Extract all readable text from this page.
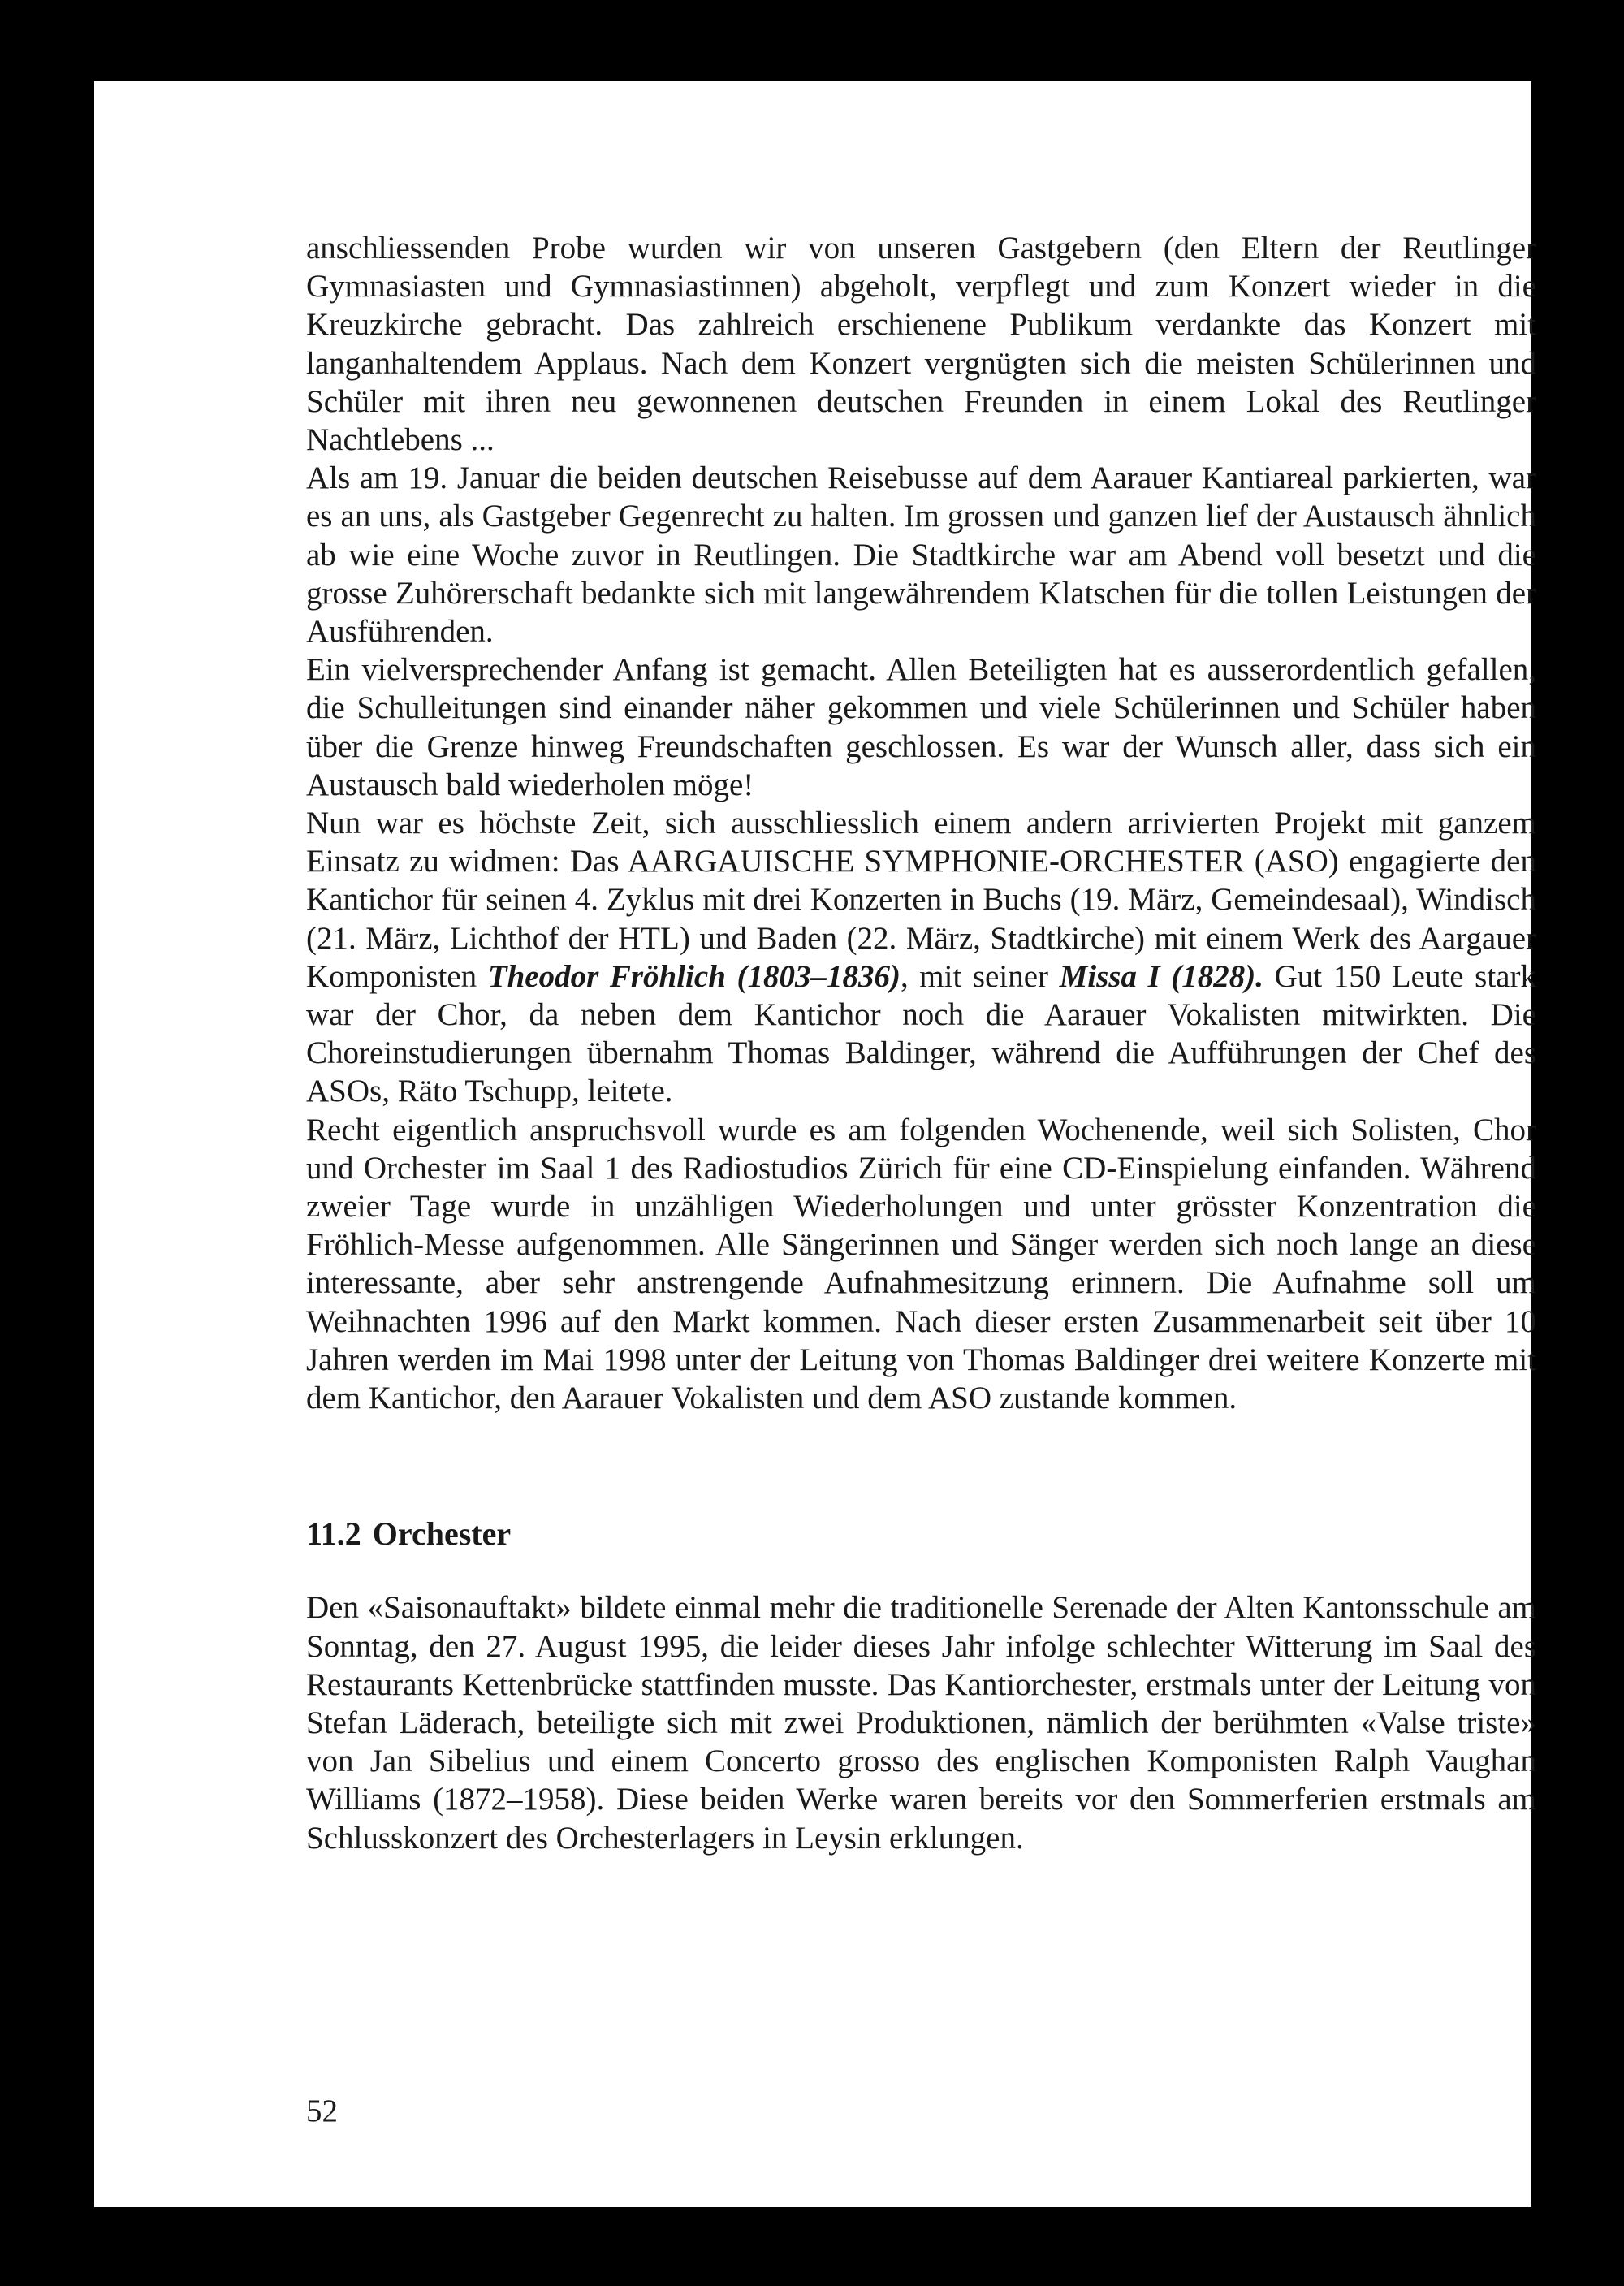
anschliessenden Probe wurden wir von unseren Gastgebern (den Eltern der Reutlinger Gymnasiasten und Gymnasiastinnen) abgeholt, verpflegt und zum Konzert wieder in die Kreuzkirche gebracht. Das zahlreich erschienene Publikum verdankte das Konzert mit langanhaltendem Applaus. Nach dem Konzert vergnügten sich die meisten Schülerinnen und Schüler mit ihren neu gewonnenen deutschen Freunden in einem Lokal des Reutlinger Nachtlebens ...

Als am 19. Januar die beiden deutschen Reisebusse auf dem Aarauer Kantiareal parkierten, war es an uns, als Gastgeber Gegenrecht zu halten. Im grossen und ganzen lief der Austausch ähnlich ab wie eine Woche zuvor in Reutlingen. Die Stadtkirche war am Abend voll besetzt und die grosse Zuhörerschaft bedankte sich mit langewährendem Klatschen für die tollen Leistungen der Ausführenden.

Ein vielversprechender Anfang ist gemacht. Allen Beteiligten hat es ausserordentlich gefallen, die Schulleitungen sind einander näher gekommen und viele Schülerinnen und Schüler haben über die Grenze hinweg Freundschaften geschlossen. Es war der Wunsch aller, dass sich ein Austausch bald wiederholen möge!

Nun war es höchste Zeit, sich ausschliesslich einem andern arrivierten Projekt mit ganzem Einsatz zu widmen: Das AARGAUISCHE SYMPHONIE-ORCHESTER (ASO) engagierte den Kantichor für seinen 4. Zyklus mit drei Konzerten in Buchs (19. März, Gemeindesaal), Windisch (21. März, Lichthof der HTL) und Baden (22. März, Stadtkirche) mit einem Werk des Aargauer Komponisten Theodor Fröhlich (1803–1836), mit seiner Missa I (1828). Gut 150 Leute stark war der Chor, da neben dem Kantichor noch die Aarauer Vokalisten mitwirkten. Die Choreinstudierungen übernahm Thomas Baldinger, während die Aufführungen der Chef des ASOs, Räto Tschupp, leitete.

Recht eigentlich anspruchsvoll wurde es am folgenden Wochenende, weil sich Solisten, Chor und Orchester im Saal 1 des Radiostudios Zürich für eine CD-Einspielung einfanden. Während zweier Tage wurde in unzähligen Wiederholungen und unter grösster Konzentration die Fröhlich-Messe aufgenommen. Alle Sängerinnen und Sänger werden sich noch lange an diese interessante, aber sehr anstrengende Aufnahmesitzung erinnern. Die Aufnahme soll um Weihnachten 1996 auf den Markt kommen. Nach dieser ersten Zusammenarbeit seit über 10 Jahren werden im Mai 1998 unter der Leitung von Thomas Baldinger drei weitere Konzerte mit dem Kantichor, den Aarauer Vokalisten und dem ASO zustande kommen.

11.2 Orchester

Den «Saisonauftakt» bildete einmal mehr die traditionelle Serenade der Alten Kantonsschule am Sonntag, den 27. August 1995, die leider dieses Jahr infolge schlechter Witterung im Saal des Restaurants Kettenbrücke stattfinden musste. Das Kantiorchester, erstmals unter der Leitung von Stefan Läderach, beteiligte sich mit zwei Produktionen, nämlich der berühmten «Valse triste» von Jan Sibelius und einem Concerto grosso des englischen Komponisten Ralph Vaughan Williams (1872–1958). Diese beiden Werke waren bereits vor den Sommerferien erstmals am Schlusskonzert des Orchesterlagers in Leysin erklungen.

52
